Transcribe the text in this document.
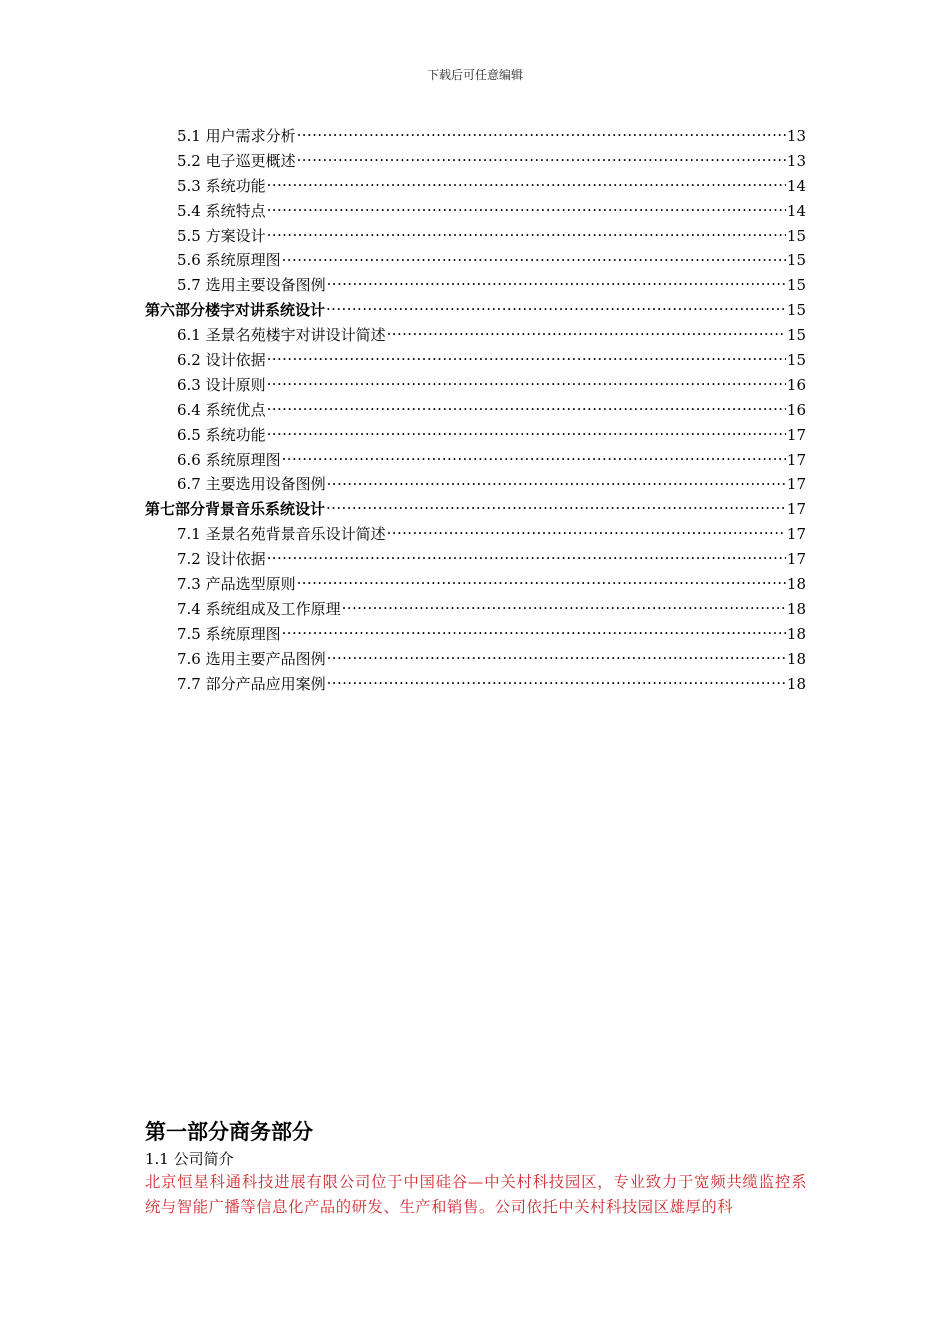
下载后可任意编辑
5.1 用户需求分析 .....	13
5.2 电子巡更概述 .....	13
5.3 系统功能 .....	14
5.4 系统特点 .....	14
5.5 方案设计 .....	15
5.6 系统原理图 .....	15
5.7 选用主要设备图例 .....	15
第六部分楼宇对讲系统设计 .....	15
6.1 圣景名苑楼宇对讲设计简述 .....	15
6.2 设计依据 .....	15
6.3 设计原则 .....	16
6.4 系统优点 .....	16
6.5 系统功能 .....	17
6.6 系统原理图 .....	17
6.7 主要选用设备图例 .....	17
第七部分背景音乐系统设计 .....	17
7.1 圣景名苑背景音乐设计简述 .....	17
7.2 设计依据 .....	17
7.3 产品选型原则 .....	18
7.4 系统组成及工作原理 .....	18
7.5 系统原理图 .....	18
7.6 选用主要产品图例 .....	18
7.7 部分产品应用案例 .....	18
第一部分商务部分
1.1 公司简介
北京恒星科通科技进展有限公司位于中国硅谷—中关村科技园区，专业致力于宽频共缆监控系统与智能广播等信息化产品的研发、生产和销售。公司依托中关村科技园区雄厚的科
